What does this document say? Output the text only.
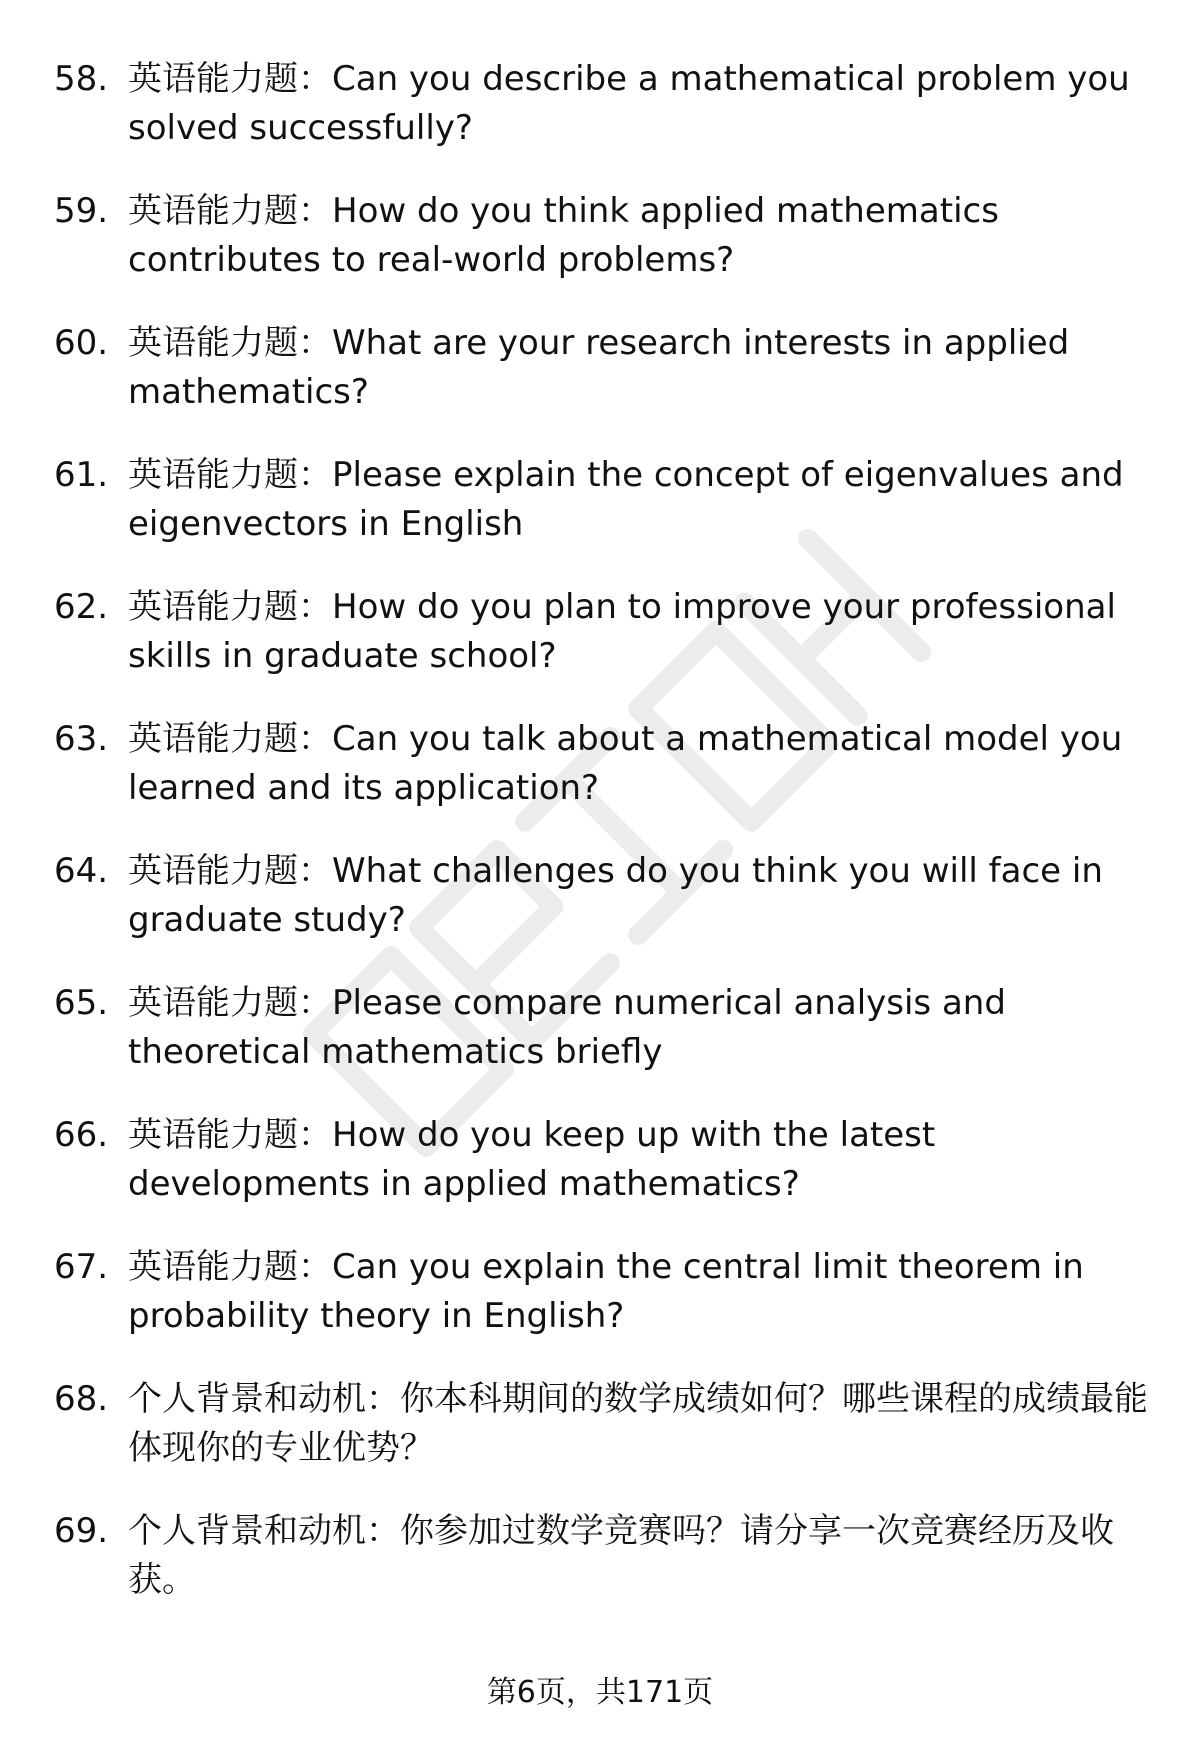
58. 英语能力题：Can you describe a mathematical problem you solved successfully?
59. 英语能力题：How do you think applied mathematics contributes to real-world problems?
60. 英语能力题：What are your research interests in applied mathematics?
61. 英语能力题：Please explain the concept of eigenvalues and eigenvectors in English
62. 英语能力题：How do you plan to improve your professional skills in graduate school?
63. 英语能力题：Can you talk about a mathematical model you learned and its application?
64. 英语能力题：What challenges do you think you will face in graduate study?
65. 英语能力题：Please compare numerical analysis and theoretical mathematics briefly
66. 英语能力题：How do you keep up with the latest developments in applied mathematics?
67. 英语能力题：Can you explain the central limit theorem in probability theory in English?
68. 个人背景和动机：你本科期间的数学成绩如何？哪些课程的成绩最能体现你的专业优势？
69. 个人背景和动机：你参加过数学竞赛吗？请分享一次竞赛经历及收获。
第6页，共171页
